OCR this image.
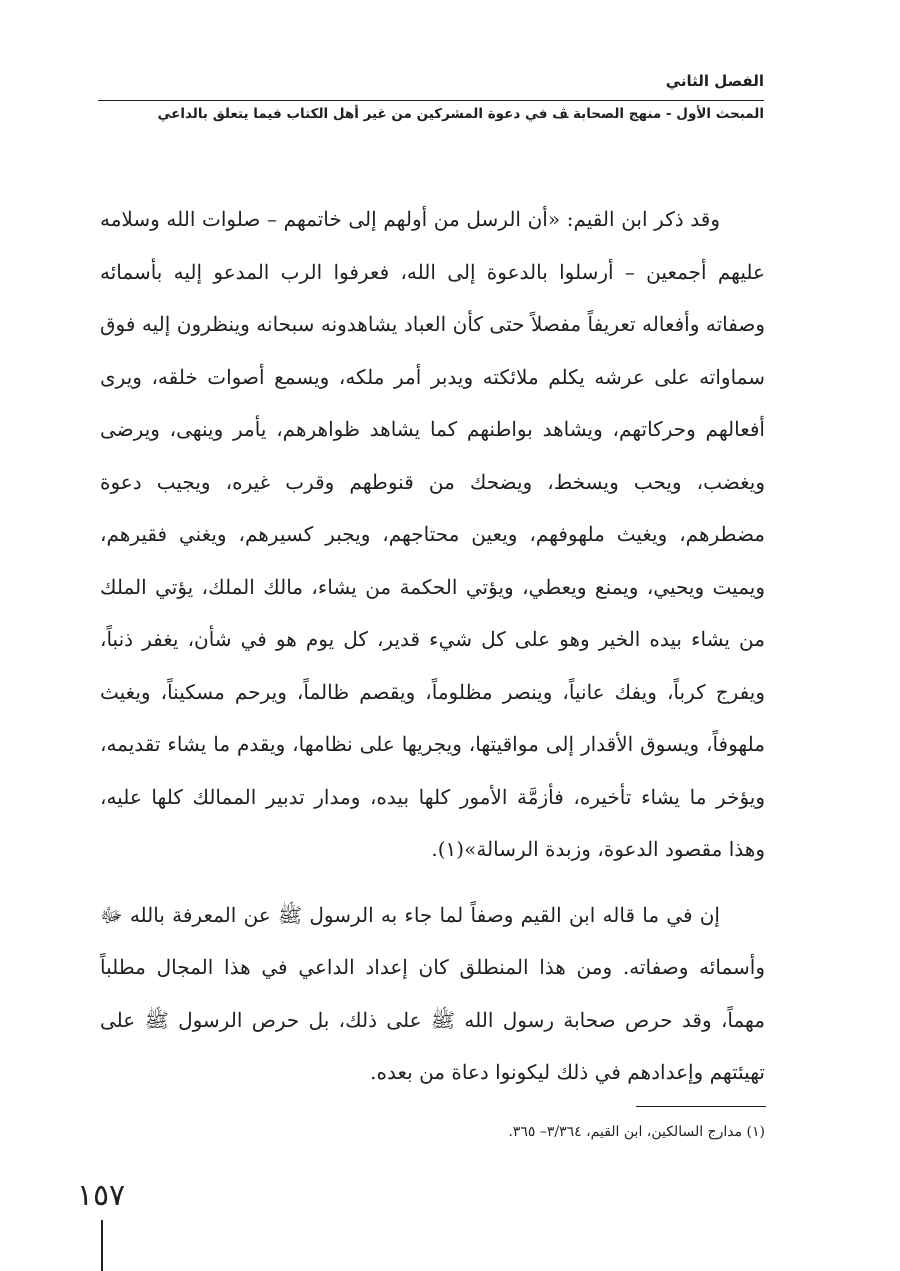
الفصل الثاني

المبحث الأول - منهج الصحابة ﭫ في دعوة المشركين من غير أهل الكتاب فيما يتعلق بالداعي

وقد ذكر ابن القيم: «أن الرسل من أولهم إلى خاتمهم – صلوات الله وسلامه عليهم أجمعين – أرسلوا بالدعوة إلى الله، فعرفوا الرب المدعو إليه بأسمائه وصفاته وأفعاله تعريفاً مفصلاً حتى كأن العباد يشاهدونه سبحانه وينظرون إليه فوق سماواته على عرشه يكلم ملائكته ويدبر أمر ملكه، ويسمع أصوات خلقه، ويرى أفعالهم وحركاتهم، ويشاهد بواطنهم كما يشاهد ظواهرهم، يأمر وينهى، ويرضى ويغضب، ويحب ويسخط، ويضحك من قنوطهم وقرب غيره، ويجيب دعوة مضطرهم، ويغيث ملهوفهم، ويعين محتاجهم، ويجبر كسيرهم، ويغني فقيرهم، ويميت ويحيي، ويمنع ويعطي، ويؤتي الحكمة من يشاء، مالك الملك، يؤتي الملك من يشاء بيده الخير وهو على كل شيء قدير، كل يوم هو في شأن، يغفر ذنباً، ويفرج كرباً، ويفك عانياً، وينصر مظلوماً، ويقصم ظالماً، ويرحم مسكيناً، ويغيث ملهوفاً، ويسوق الأقدار إلى مواقيتها، ويجريها على نظامها، ويقدم ما يشاء تقديمه، ويؤخر ما يشاء تأخيره، فأزمَّة الأمور كلها بيده، ومدار تدبير الممالك كلها عليه، وهذا مقصود الدعوة، وزبدة الرسالة»(١).

إن في ما قاله ابن القيم وصفاً لما جاء به الرسول ﷺ عن المعرفة بالله ﷻ وأسمائه وصفاته. ومن هذا المنطلق كان إعداد الداعي في هذا المجال مطلباً مهماً، وقد حرص صحابة رسول الله ﷺ على ذلك، بل حرص الرسول ﷺ على تهيئتهم وإعدادهم في ذلك ليكونوا دعاة من بعده.

(١) مدارج السالكين، ابن القيم، ٣/٣٦٤– ٣٦٥.
١٥٧
